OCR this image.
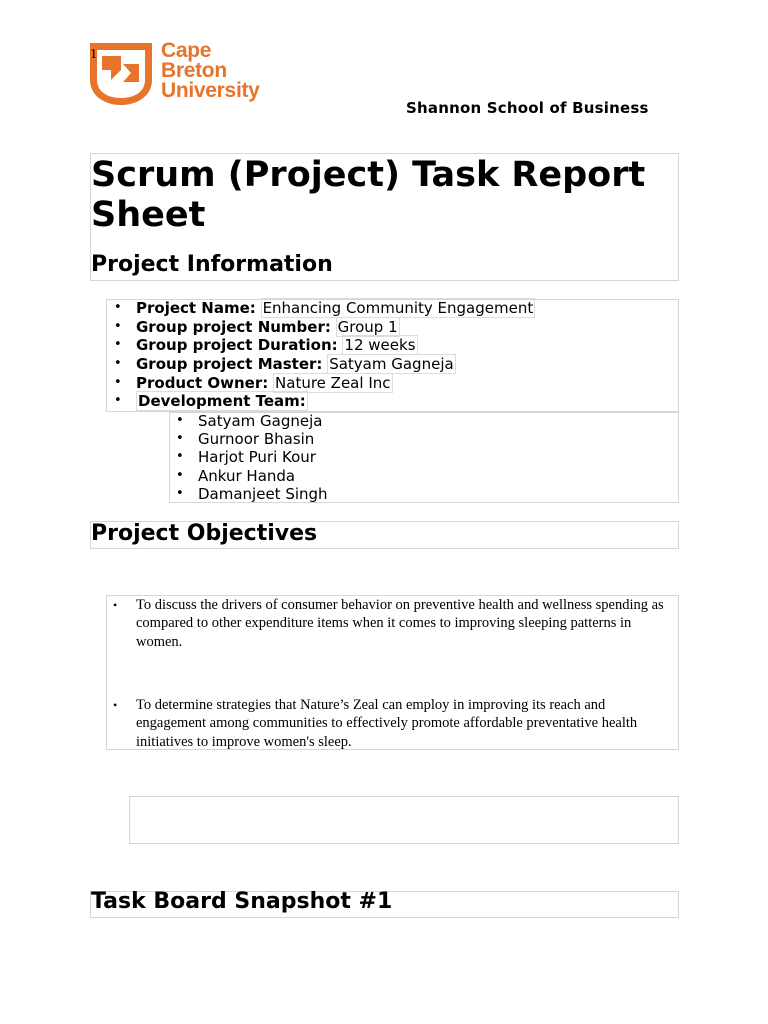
Cape
Breton
University
1
Shannon School of Business
Scrum (Project) Task Report Sheet
Project Information
• Project Name: Enhancing Community Engagement
• Group project Number: Group 1
• Group project Duration: 12 weeks
• Group project Master: Satyam Gagneja
• Product Owner: Nature Zeal Inc
• Development Team:
• Satyam Gagneja
• Gurnoor Bhasin
• Harjot Puri Kour
• Ankur Handa
• Damanjeet Singh
Project Objectives
• To discuss the drivers of consumer behavior on preventive health and wellness spending as compared to other expenditure items when it comes to improving sleeping patterns in women.
• To determine strategies that Nature’s Zeal can employ in improving its reach and engagement among communities to effectively promote affordable preventative health initiatives to improve women's sleep.
Task Board Snapshot #1
